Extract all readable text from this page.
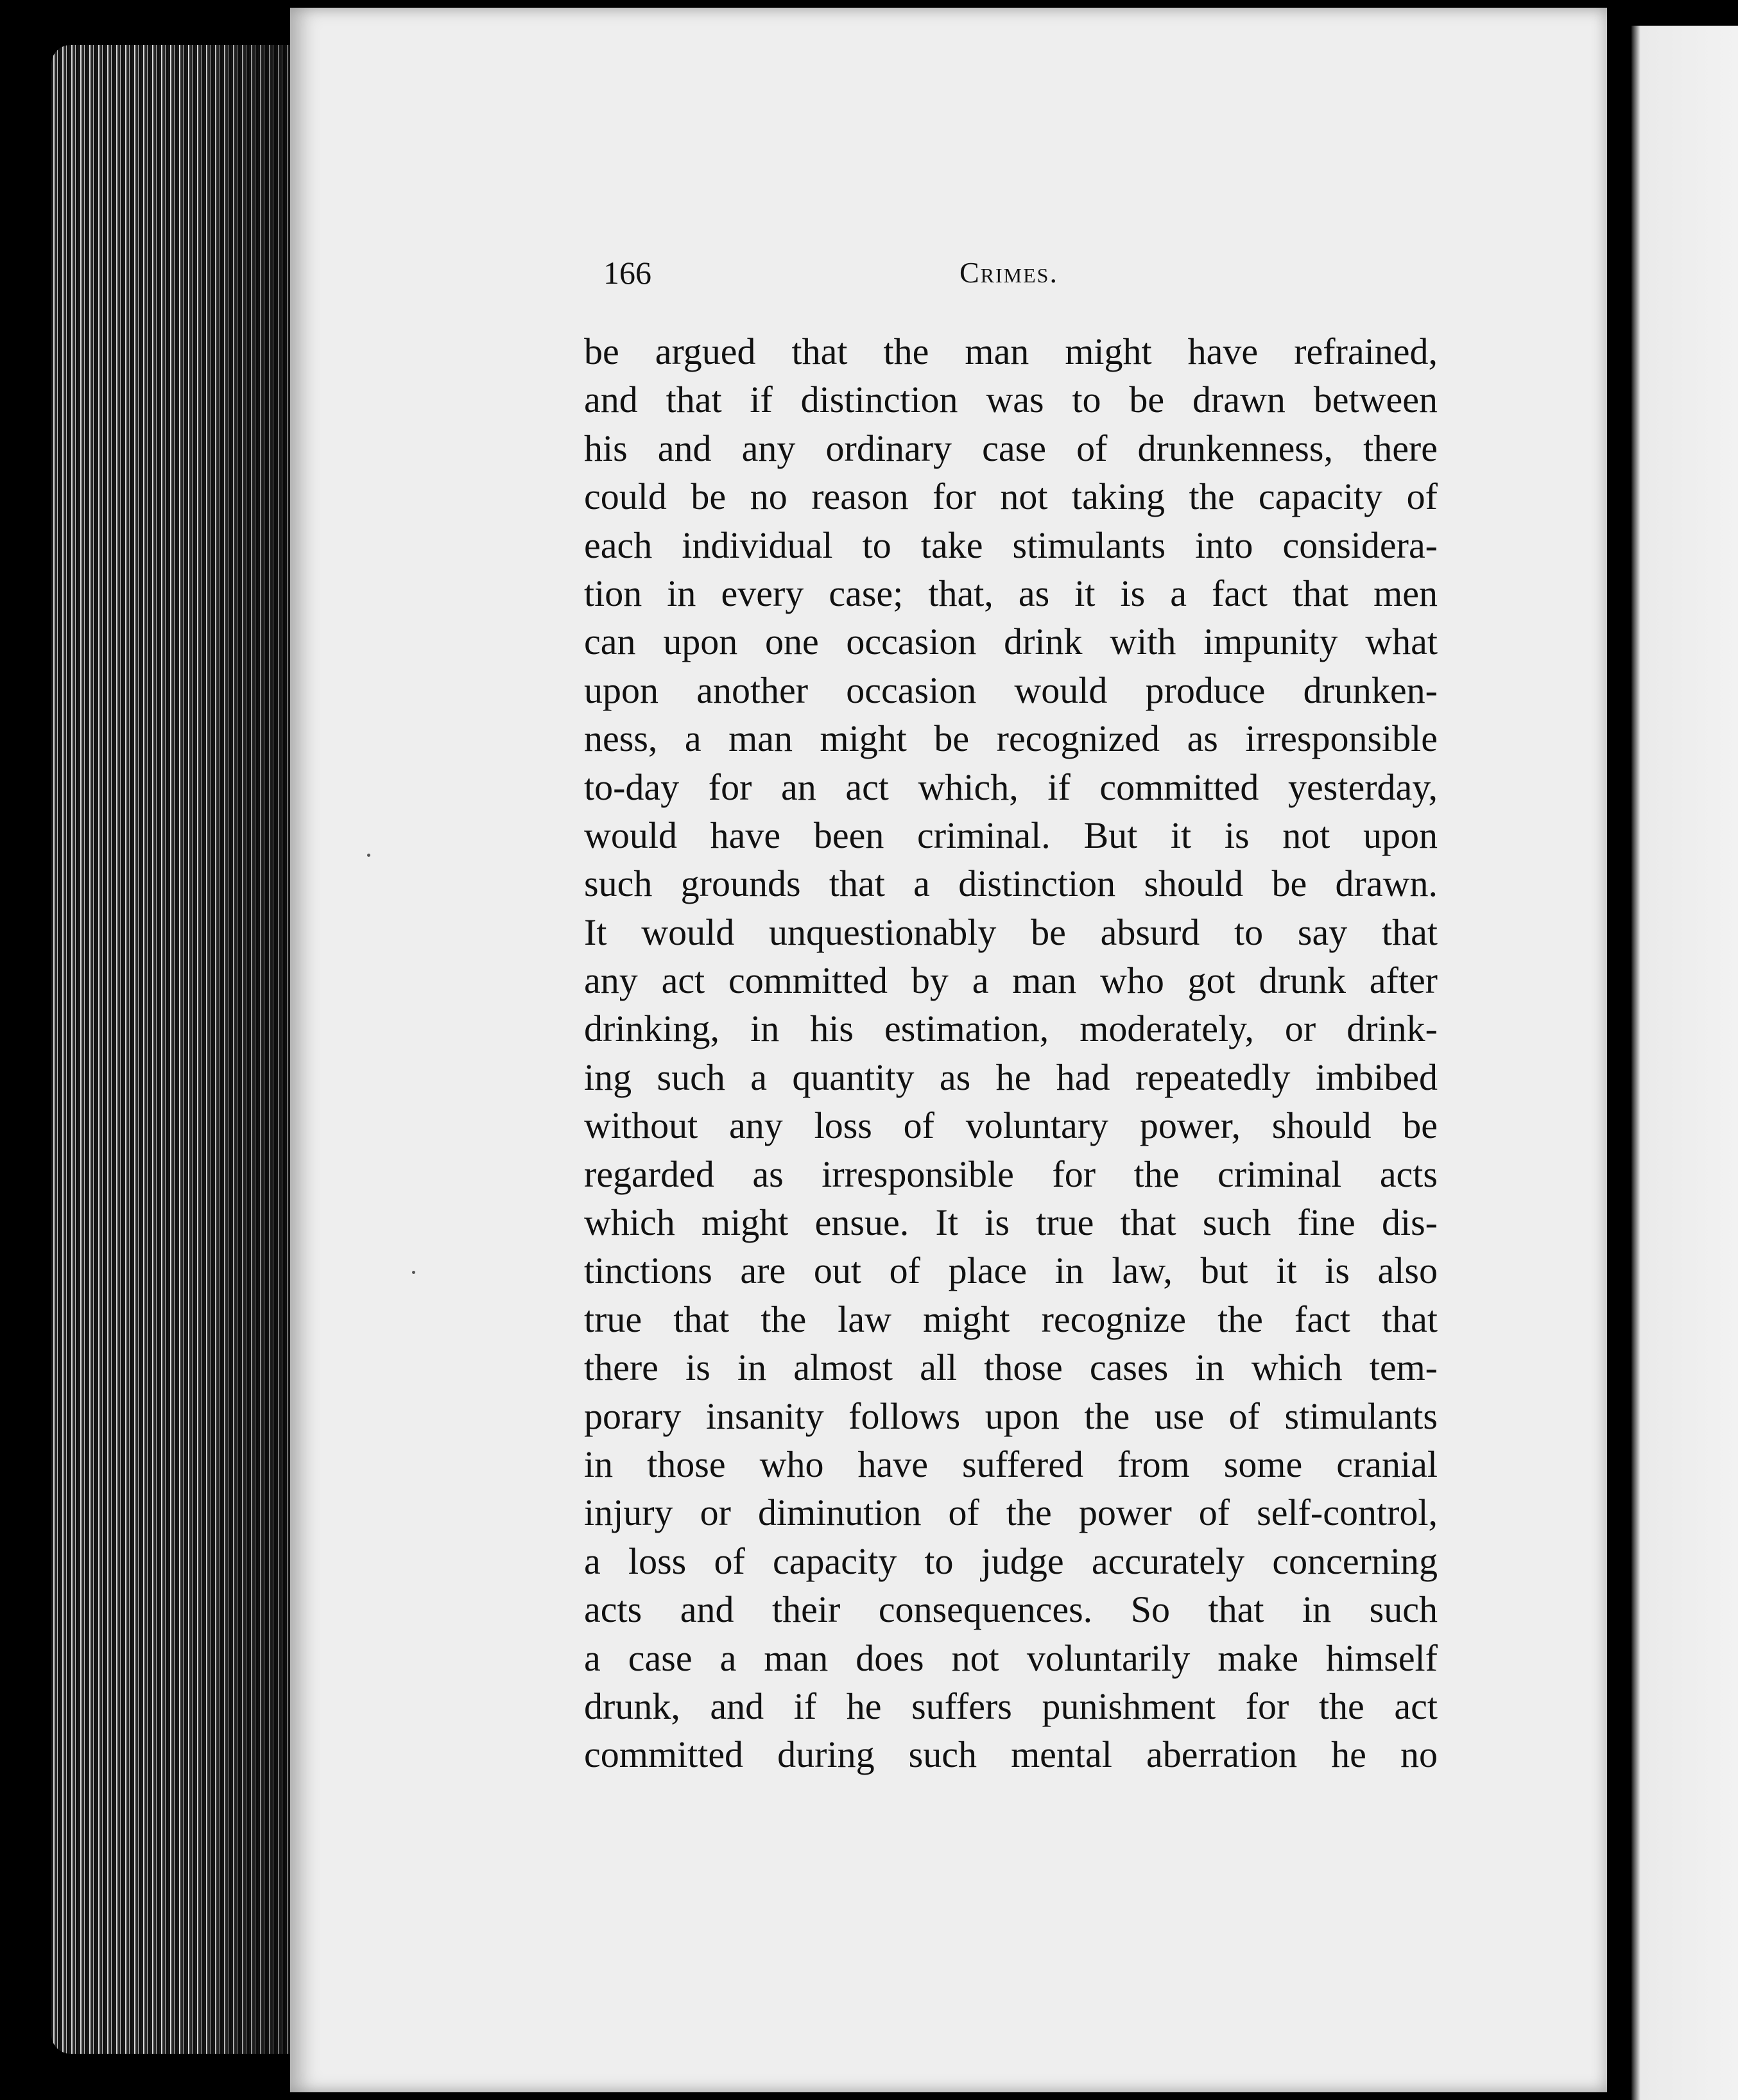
166	Crimes.
be argued that the man might have refrained,
and that if distinction was to be drawn between
his and any ordinary case of drunkenness, there
could be no reason for not taking the capacity of
each individual to take stimulants into considera-
tion in every case; that, as it is a fact that men
can upon one occasion drink with impunity what
upon another occasion would produce drunken-
ness, a man might be recognized as irresponsible
to-day for an act which, if committed yesterday,
would have been criminal. But it is not upon
such grounds that a distinction should be drawn.
It would unquestionably be absurd to say that
any act committed by a man who got drunk after
drinking, in his estimation, moderately, or drink-
ing such a quantity as he had repeatedly imbibed
without any loss of voluntary power, should be
regarded as irresponsible for the criminal acts
which might ensue. It is true that such fine dis-
tinctions are out of place in law, but it is also
true that the law might recognize the fact that
there is in almost all those cases in which tem-
porary insanity follows upon the use of stimulants
in those who have suffered from some cranial
injury or diminution of the power of self-control,
a loss of capacity to judge accurately concerning
acts and their consequences. So that in such
a case a man does not voluntarily make himself
drunk, and if he suffers punishment for the act
committed during such mental aberration he no
